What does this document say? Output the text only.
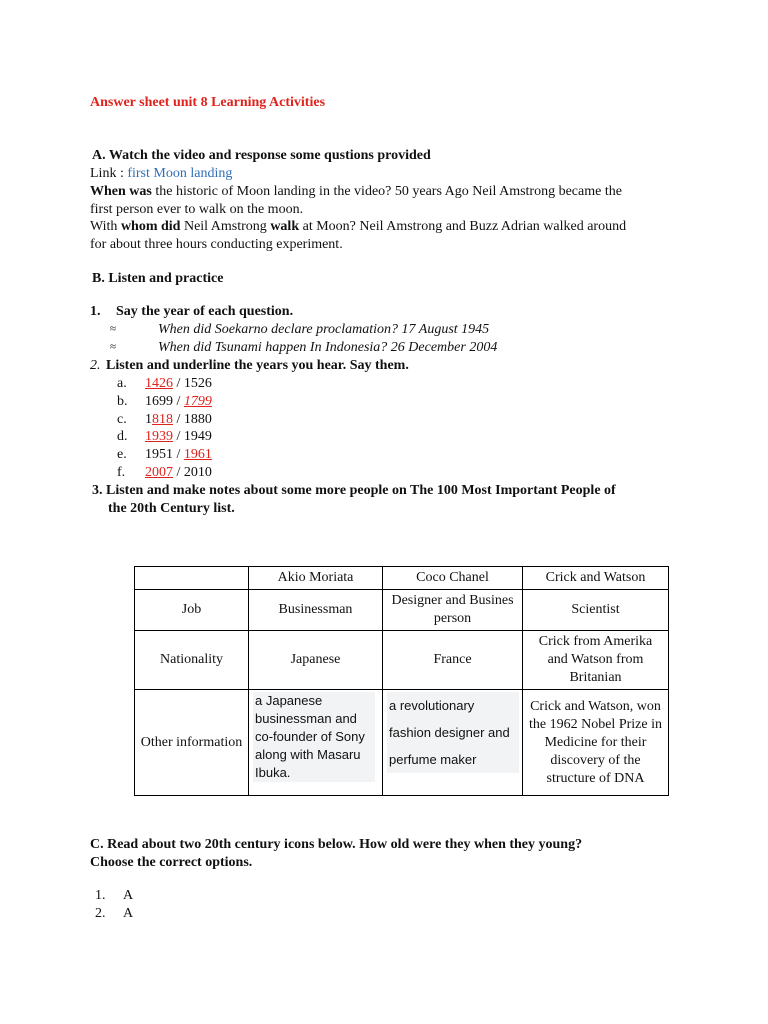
Answer sheet unit 8 Learning Activities
A. Watch the video and response some qustions provided
Link : first Moon landing
When was the historic of Moon landing in the video? 50 years Ago Neil Amstrong became the
first person ever to walk on the moon.
With whom did Neil Amstrong walk at Moon? Neil Amstrong and Buzz Adrian walked around
for about three hours conducting experiment.
B. Listen and practice
1. Say the year of each question.
≈	When did Soekarno declare proclamation? 17 August 1945
≈	When did Tsunami happen In Indonesia? 26 December 2004
2. Listen and underline the years you hear. Say them.
a. 1426 / 1526
b. 1699 / 1799
c. 1818 / 1880
d. 1939 / 1949
e. 1951 / 1961
f. 2007 / 2010
3. Listen and make notes about some more people on The 100 Most Important People of
the 20th Century list.
	Akio Moriata	Coco Chanel	Crick and Watson
Job	Businessman	Designer and Busines person	Scientist
Nationality	Japanese	France	Crick from Amerika and Watson from Britanian
Other information	a Japanese businessman and co-founder of Sony along with Masaru Ibuka.	a revolutionary fashion designer and perfume maker	Crick and Watson, won the 1962 Nobel Prize in Medicine for their discovery of the structure of DNA
C. Read about two 20th century icons below. How old were they when they young?
Choose the correct options.
1. A
2. A
